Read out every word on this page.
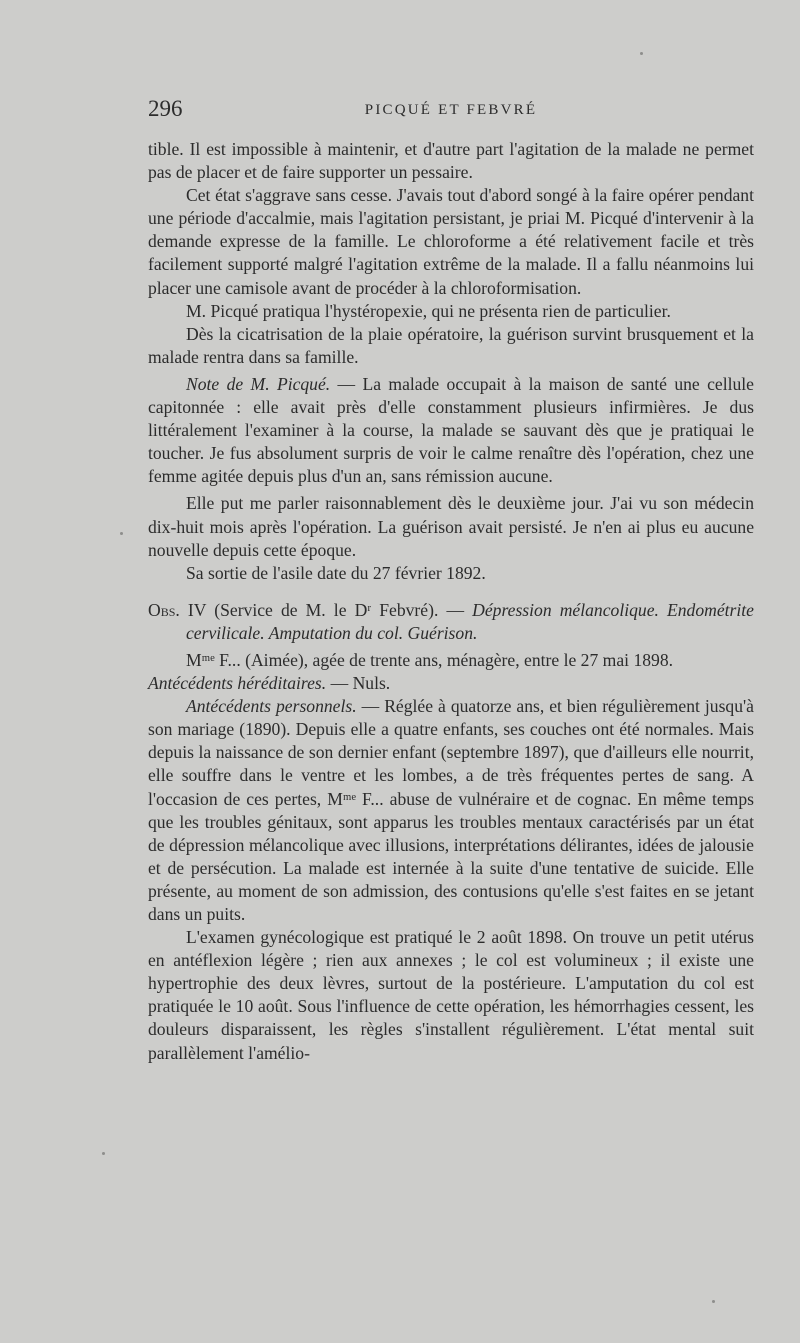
296	PICQUÉ ET FEBVRÉ

tible. Il est impossible à maintenir, et d'autre part l'agitation de la malade ne permet pas de placer et de faire supporter un pessaire.

Cet état s'aggrave sans cesse. J'avais tout d'abord songé à la faire opérer pendant une période d'accalmie, mais l'agitation persistant, je priai M. Picqué d'intervenir à la demande expresse de la famille. Le chloroforme a été relativement facile et très facilement supporté malgré l'agitation extrême de la malade. Il a fallu néanmoins lui placer une camisole avant de procéder à la chloroformisation.

M. Picqué pratiqua l'hystéropexie, qui ne présenta rien de particulier.

Dès la cicatrisation de la plaie opératoire, la guérison survint brusquement et la malade rentra dans sa famille.

Note de M. Picqué. — La malade occupait à la maison de santé une cellule capitonnée : elle avait près d'elle constamment plusieurs infirmières. Je dus littéralement l'examiner à la course, la malade se sauvant dès que je pratiquai le toucher. Je fus absolument surpris de voir le calme renaître dès l'opération, chez une femme agitée depuis plus d'un an, sans rémission aucune.

Elle put me parler raisonnablement dès le deuxième jour. J'ai vu son médecin dix-huit mois après l'opération. La guérison avait persisté. Je n'en ai plus eu aucune nouvelle depuis cette époque.

Sa sortie de l'asile date du 27 février 1892.

Obs. IV (Service de M. le Dʳ Febvré). — Dépression mélancolique. Endométrite cervilicale. Amputation du col. Guérison.

Mᵐᵉ F... (Aimée), agée de trente ans, ménagère, entre le 27 mai 1898.

Antécédents héréditaires. — Nuls.

Antécédents personnels. — Réglée à quatorze ans, et bien régulièrement jusqu'à son mariage (1890). Depuis elle a quatre enfants, ses couches ont été normales. Mais depuis la naissance de son dernier enfant (septembre 1897), que d'ailleurs elle nourrit, elle souffre dans le ventre et les lombes, a de très fréquentes pertes de sang. A l'occasion de ces pertes, Mᵐᵉ F... abuse de vulnéraire et de cognac. En même temps que les troubles génitaux, sont apparus les troubles mentaux caractérisés par un état de dépression mélancolique avec illusions, interprétations délirantes, idées de jalousie et de persécution. La malade est internée à la suite d'une tentative de suicide. Elle présente, au moment de son admission, des contusions qu'elle s'est faites en se jetant dans un puits.

L'examen gynécologique est pratiqué le 2 août 1898. On trouve un petit utérus en antéflexion légère ; rien aux annexes ; le col est volumineux ; il existe une hypertrophie des deux lèvres, surtout de la postérieure. L'amputation du col est pratiquée le 10 août. Sous l'influence de cette opération, les hémorrhagies cessent, les douleurs disparaissent, les règles s'installent régulièrement. L'état mental suit parallèlement l'amélio-
